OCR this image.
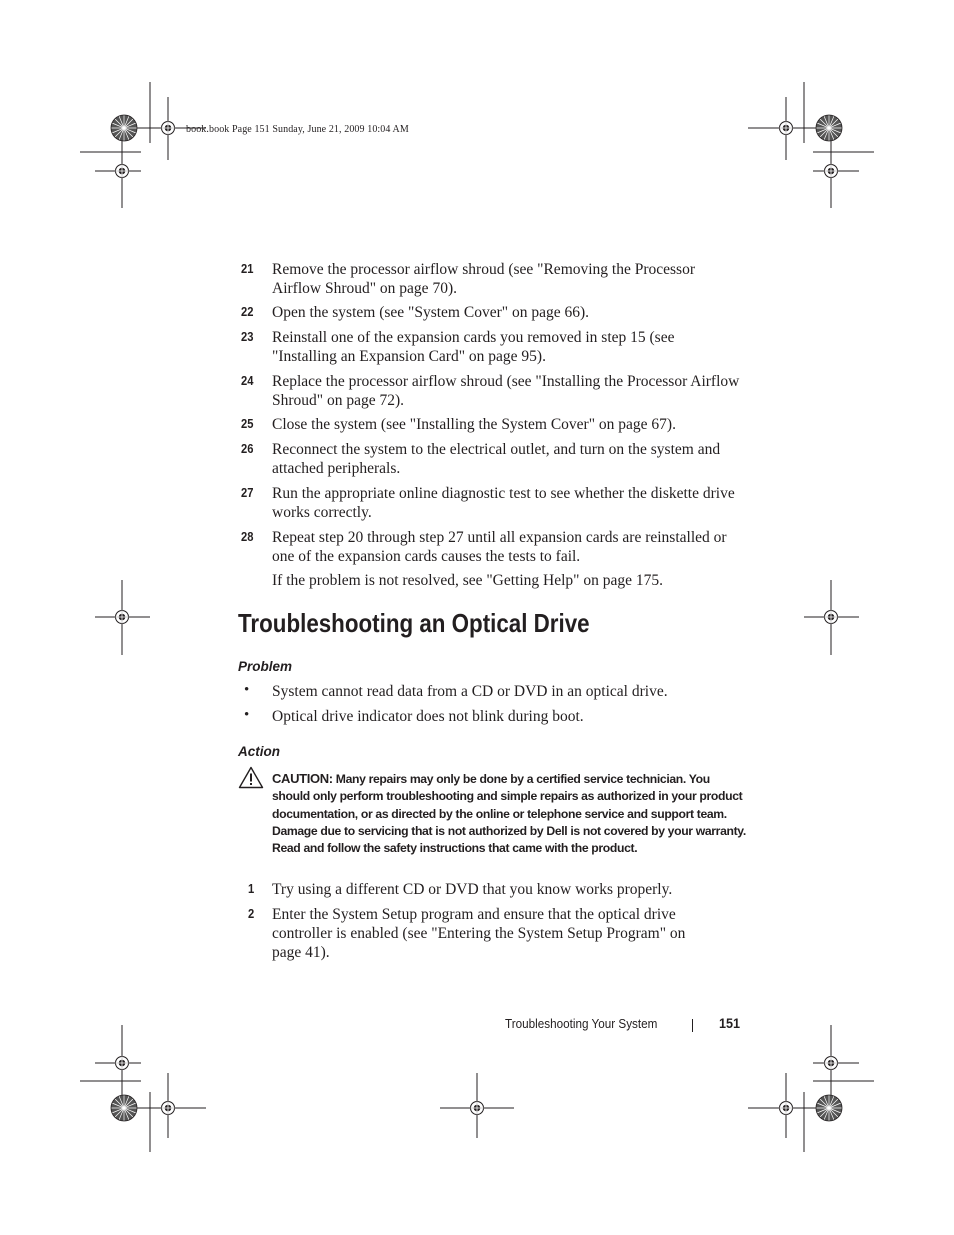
book.book Page 151 Sunday, June 21, 2009 10:04 AM
21	Remove the processor airflow shroud (see "Removing the Processor Airflow Shroud" on page 70).
22	Open the system (see "System Cover" on page 66).
23	Reinstall one of the expansion cards you removed in step 15 (see "Installing an Expansion Card" on page 95).
24	Replace the processor airflow shroud (see "Installing the Processor Airflow Shroud" on page 72).
25	Close the system (see "Installing the System Cover" on page 67).
26	Reconnect the system to the electrical outlet, and turn on the system and attached peripherals.
27	Run the appropriate online diagnostic test to see whether the diskette drive works correctly.
28	Repeat step 20 through step 27 until all expansion cards are reinstalled or one of the expansion cards causes the tests to fail.
If the problem is not resolved, see "Getting Help" on page 175.
Troubleshooting an Optical Drive
Problem
• System cannot read data from a CD or DVD in an optical drive.
• Optical drive indicator does not blink during boot.
Action
CAUTION: Many repairs may only be done by a certified service technician. You should only perform troubleshooting and simple repairs as authorized in your product documentation, or as directed by the online or telephone service and support team. Damage due to servicing that is not authorized by Dell is not covered by your warranty. Read and follow the safety instructions that came with the product.
1	Try using a different CD or DVD that you know works properly.
2	Enter the System Setup program and ensure that the optical drive controller is enabled (see "Entering the System Setup Program" on page 41).
Troubleshooting Your System	151
